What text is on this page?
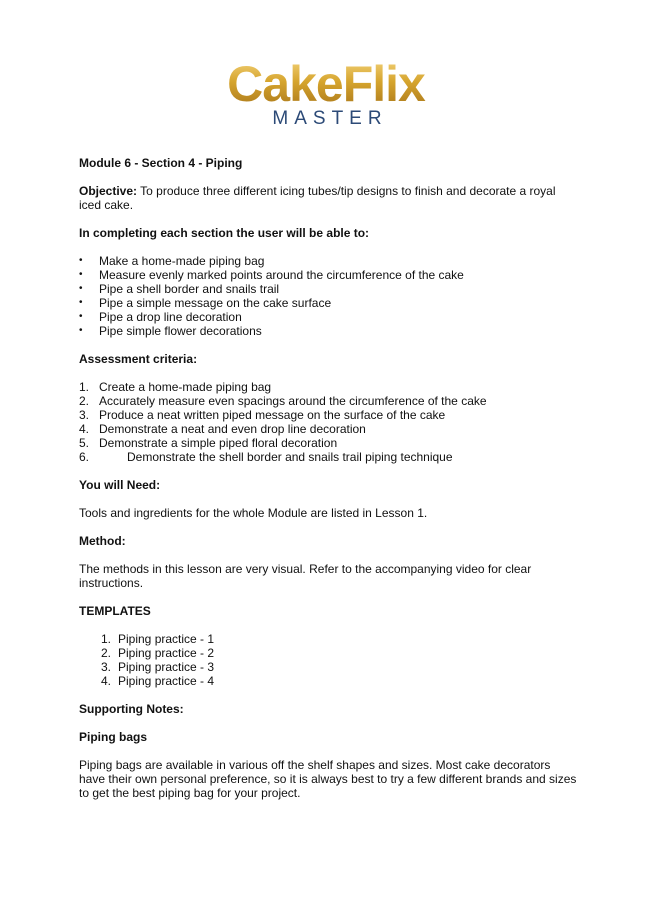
CakeFlix
MASTER

Module 6 - Section 4 - Piping

Objective: To produce three different icing tubes/tip designs to finish and decorate a royal iced cake.

In completing each section the user will be able to:

• Make a home-made piping bag
• Measure evenly marked points around the circumference of the cake
• Pipe a shell border and snails trail
• Pipe a simple message on the cake surface
• Pipe a drop line decoration
• Pipe simple flower decorations

Assessment criteria:

1. Create a home-made piping bag
2. Accurately measure even spacings around the circumference of the cake
3. Produce a neat written piped message on the surface of the cake
4. Demonstrate a neat and even drop line decoration
5. Demonstrate a simple piped floral decoration
6.	Demonstrate the shell border and snails trail piping technique

You will Need:

Tools and ingredients for the whole Module are listed in Lesson 1.

Method:

The methods in this lesson are very visual. Refer to the accompanying video for clear instructions.

TEMPLATES

1. Piping practice - 1
2. Piping practice - 2
3. Piping practice - 3
4. Piping practice - 4

Supporting Notes:

Piping bags

Piping bags are available in various off the shelf shapes and sizes. Most cake decorators have their own personal preference, so it is always best to try a few different brands and sizes to get the best piping bag for your project.
